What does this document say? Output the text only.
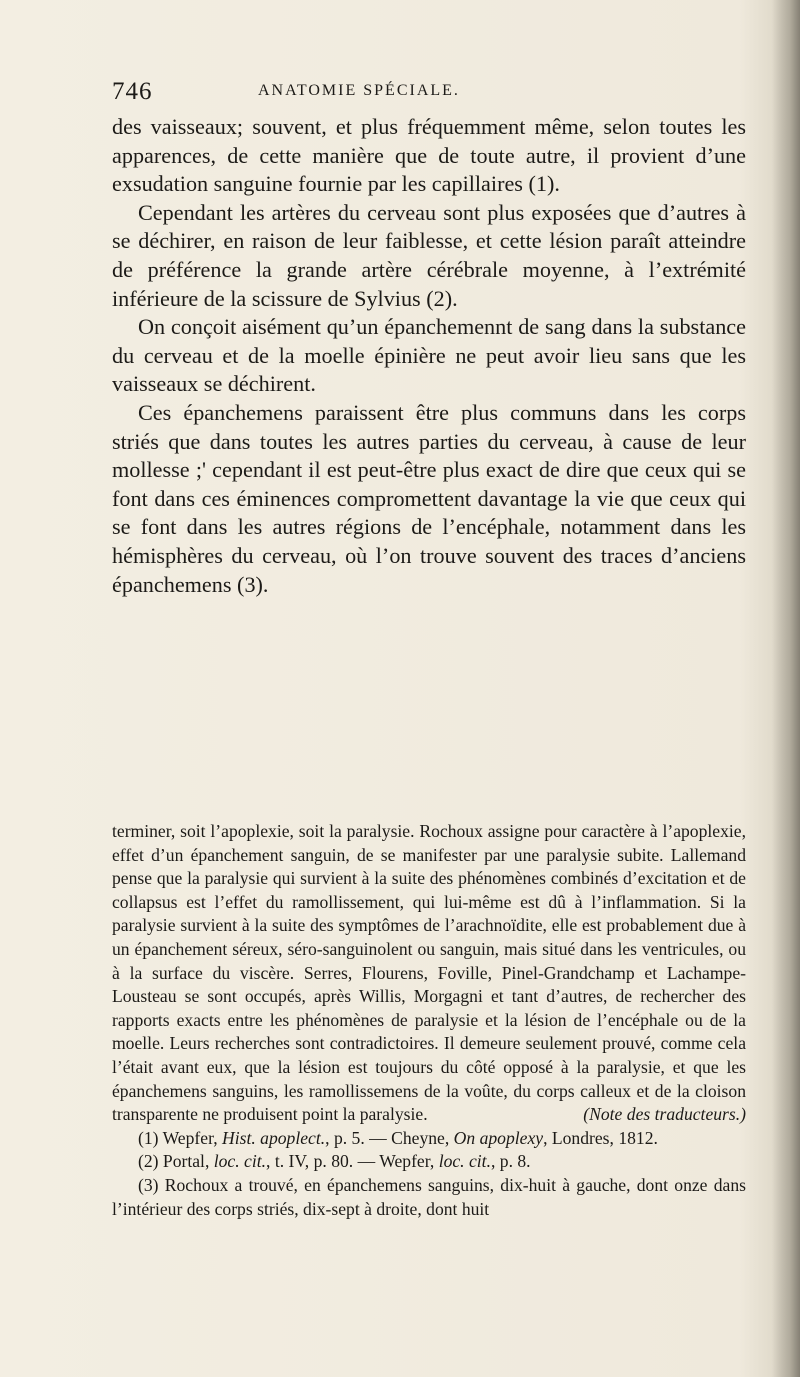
746	ANATOMIE SPÉCIALE.

des vaisseaux; souvent, et plus fréquemment même, selon toutes les apparences, de cette manière que de toute autre, il provient d’une exsudation sanguine fournie par les capillaires (1).

Cependant les artères du cerveau sont plus exposées que d’autres à se déchirer, en raison de leur faiblesse, et cette lésion paraît atteindre de préférence la grande artère cérébrale moyenne, à l’extrémité inférieure de la scissure de Sylvius (2).

On conçoit aisément qu’un épanchemennt de sang dans la substance du cerveau et de la moelle épinière ne peut avoir lieu sans que les vaisseaux se déchirent.

Ces épanchemens paraissent être plus communs dans les corps striés que dans toutes les autres parties du cerveau, à cause de leur mollesse ;' cependant il est peut-être plus exact de dire que ceux qui se font dans ces éminences compromettent davantage la vie que ceux qui se font dans les autres régions de l’encéphale, notamment dans les hémisphères du cerveau, où l’on trouve souvent des traces d’anciens épanchemens (3).

terminer, soit l’apoplexie, soit la paralysie. Rochoux assigne pour caractère à l’apoplexie, effet d’un épanchement sanguin, de se manifester par une paralysie subite. Lallemand pense que la paralysie qui survient à la suite des phénomènes combinés d’excitation et de collapsus est l’effet du ramollissement, qui lui-même est dû à l’inflammation. Si la paralysie survient à la suite des symptômes de l’arachnoïdite, elle est probablement due à un épanchement séreux, séro-sanguinolent ou sanguin, mais situé dans les ventricules, ou à la surface du viscère. Serres, Flourens, Foville, Pinel-Grandchamp et Lachampe-Lousteau se sont occupés, après Willis, Morgagni et tant d’autres, de rechercher des rapports exacts entre les phénomènes de paralysie et la lésion de l’encéphale ou de la moelle. Leurs recherches sont contradictoires. Il demeure seulement prouvé, comme cela l’était avant eux, que la lésion est toujours du côté opposé à la paralysie, et que les épanchemens sanguins, les ramollissemens de la voûte, du corps calleux et de la cloison transparente ne produisent point la paralysie.	(Note des traducteurs.)

(1) Wepfer, Hist. apoplect., p. 5. — Cheyne, On apoplexy, Londres, 1812.

(2) Portal, loc. cit., t. IV, p. 80. — Wepfer, loc. cit., p. 8.

(3) Rochoux a trouvé, en épanchemens sanguins, dix-huit à gauche, dont onze dans l’intérieur des corps striés, dix-sept à droite, dont huit
